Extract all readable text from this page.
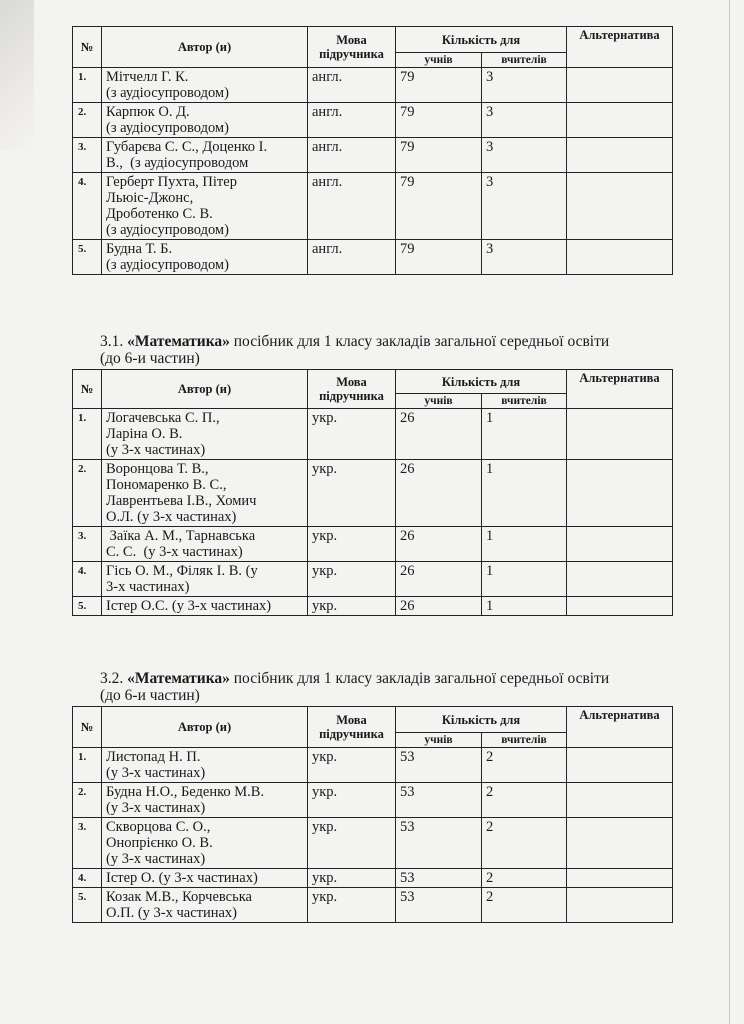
№	Автор (и)	Мова підручника	Кількість для		Альтернатива
			учнів	вчителів	
1.	Мітчелл Г. К.
(з аудіосупроводом)	англ.	79	3	
2.	Карпюк О. Д.
(з аудіосупроводом)	англ.	79	3	
3.	Губарєва С. С., Доценко І.
В.,  (з аудіосупроводом	англ.	79	3	
4.	Герберт Пухта, Пітер
Льюіс-Джонс,
Дроботенко С. В.
(з аудіосупроводом)	англ.	79	3	
5.	Будна Т. Б.
(з аудіосупроводом)	англ.	79	3	
3.1. «Математика» посібник для 1 класу закладів загальної середньої освіти
(до 6-и частин)
№	Автор (и)	Мова підручника	Кількість для		Альтернатива
			учнів	вчителів	
1.	Логачевська С. П.,
Ларіна О. В.
(у 3-х частинах)	укр.	26	1	
2.	Воронцова Т. В.,
Пономаренко В. С.,
Лаврентьева І.В., Хомич
О.Л. (у 3-х частинах)	укр.	26	1	
3.	Заїка А. М., Тарнавська
С. С.  (у 3-х частинах)	укр.	26	1	
4.	Гісь О. М., Філяк І. В. (у
3-х частинах)	укр.	26	1	
5.	Істер О.С. (у 3-х частинах)	укр.	26	1	
3.2. «Математика» посібник для 1 класу закладів загальної середньої освіти
(до 6-и частин)
№	Автор (и)	Мова підручника	Кількість для		Альтернатива
			учнів	вчителів	
1.	Листопад Н. П.
(у 3-х частинах)	укр.	53	2	
2.	Будна Н.О., Беденко М.В.
(у 3-х частинах)	укр.	53	2	
3.	Скворцова С. О.,
Онопрієнко О. В.
(у 3-х частинах)	укр.	53	2	
4.	Істер О. (у 3-х частинах)	укр.	53	2	
5.	Козак М.В., Корчевська
О.П. (у 3-х частинах)	укр.	53	2	
